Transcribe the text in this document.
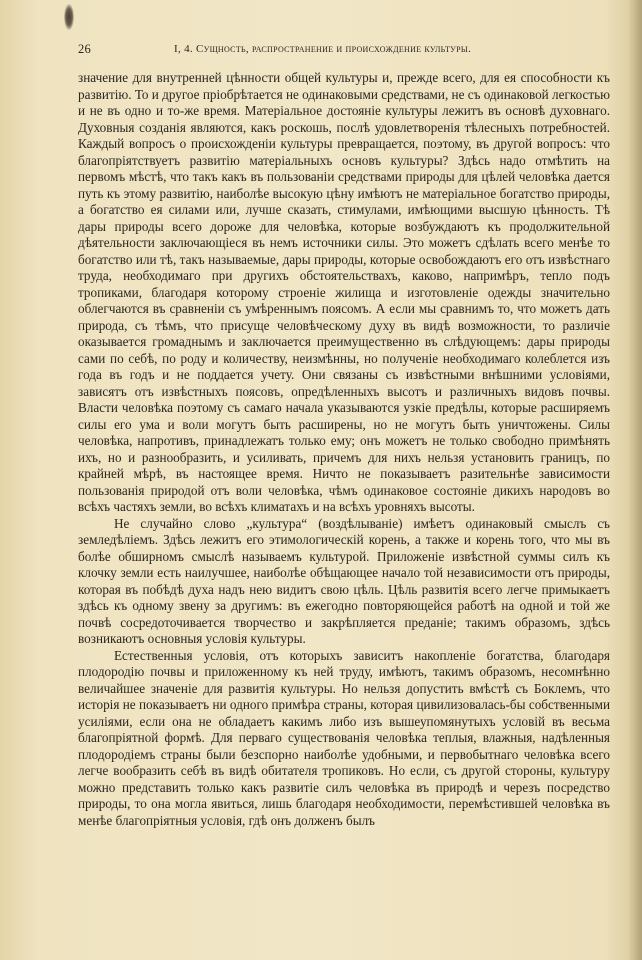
26	I, 4. Сущность, распространение и происхождение культуры.

значение для внутренней цѣнности общей культуры и, прежде всего, для ея способности къ развитію. То и другое пріобрѣтается не одинаковыми средствами, не съ одинаковой легкостью и не въ одно и то-же время. Матеріальное достояніе культуры лежитъ въ основѣ духовнаго. Духовныя созданія являются, какъ роскошь, послѣ удовлетворенія тѣлесныхъ потребностей. Каждый вопросъ о происхожденіи культуры превращается, поэтому, въ другой вопросъ: что благопріятствуетъ развитію матеріальныхъ основъ культуры? Здѣсь надо отмѣтить на первомъ мѣстѣ, что такъ какъ въ пользованіи средствами природы для цѣлей человѣка дается путь къ этому развитію, наиболѣе высокую цѣну имѣютъ не матеріальное богатство природы, а богатство ея силами или, лучше сказать, стимулами, имѣющими высшую цѣнность. Тѣ дары природы всего дороже для человѣка, которые возбуждаютъ къ продолжительной дѣятельности заключающіеся въ немъ источники силы. Это можетъ сдѣлать всего менѣе то богатство или тѣ, такъ называемые, дары природы, которые освобождаютъ его отъ извѣстнаго труда, необходимаго при другихъ обстоятельствахъ, каково, напримѣръ, тепло подъ тропиками, благодаря которому строеніе жилища и изготовленіе одежды значительно облегчаются въ сравненіи съ умѣреннымъ поясомъ. А если мы сравнимъ то, что можетъ дать природа, съ тѣмъ, что присуще человѣческому духу въ видѣ возможности, то различіе оказывается громаднымъ и заключается преимущественно въ слѣдующемъ: дары природы сами по себѣ, по роду и количеству, неизмѣнны, но полученіе необходимаго колеблется изъ года въ годъ и не поддается учету. Они связаны съ извѣстными внѣшними условіями, зависятъ отъ извѣстныхъ поясовъ, опредѣленныхъ высотъ и различныхъ видовъ почвы. Власти человѣка поэтому съ самаго начала указываются узкіе предѣлы, которые расширяемъ силы его ума и воли могутъ быть расширены, но не могутъ быть уничтожены. Силы человѣка, напротивъ, принадлежатъ только ему; онъ можетъ не только свободно примѣнять ихъ, но и разнообразить, и усиливать, причемъ для нихъ нельзя установить границъ, по крайней мѣрѣ, въ настоящее время. Ничто не показываетъ разительнѣе зависимости пользованія природой отъ воли человѣка, чѣмъ одинаковое состояніе дикихъ народовъ во всѣхъ частяхъ земли, во всѣхъ климатахъ и на всѣхъ уровняхъ высоты.

Не случайно слово „культура“ (воздѣлываніе) имѣетъ одинаковый смыслъ съ земледѣліемъ. Здѣсь лежитъ его этимологическій корень, а также и корень того, что мы въ болѣе обширномъ смыслѣ называемъ культурой. Приложеніе извѣстной суммы силъ къ клочку земли есть наилучшее, наиболѣе обѣщающее начало той независимости отъ природы, которая въ побѣдѣ духа надъ нею видитъ свою цѣль. Цѣль развитія всего легче примыкаетъ здѣсь къ одному звену за другимъ: въ ежегодно повторяющейся работѣ на одной и той же почвѣ сосредоточивается творчество и закрѣпляется преданіе; такимъ образомъ, здѣсь возникаютъ основныя условія культуры.

Естественныя условія, отъ которыхъ зависитъ накопленіе богатства, благодаря плодородію почвы и приложенному къ ней труду, имѣютъ, такимъ образомъ, несомнѣнно величайшее значеніе для развитія культуры. Но нельзя допустить вмѣстѣ съ Боклемъ, что исторія не показываетъ ни одного примѣра страны, которая цивилизовалась-бы собственными усиліями, если она не обладаетъ какимъ либо изъ вышеупомянутыхъ условій въ весьма благопріятной формѣ. Для перваго существованія человѣка теплыя, влажныя, надѣленныя плодородіемъ страны были безспорно наиболѣе удобными, и первобытнаго человѣка всего легче вообразить себѣ въ видѣ обитателя тропиковъ. Но если, съ другой стороны, культуру можно представить только какъ развитіе силъ человѣка въ природѣ и черезъ посредство природы, то она могла явиться, лишь благодаря необходимости, перемѣстившей человѣка въ менѣе благопріятныя условія, гдѣ онъ долженъ былъ
